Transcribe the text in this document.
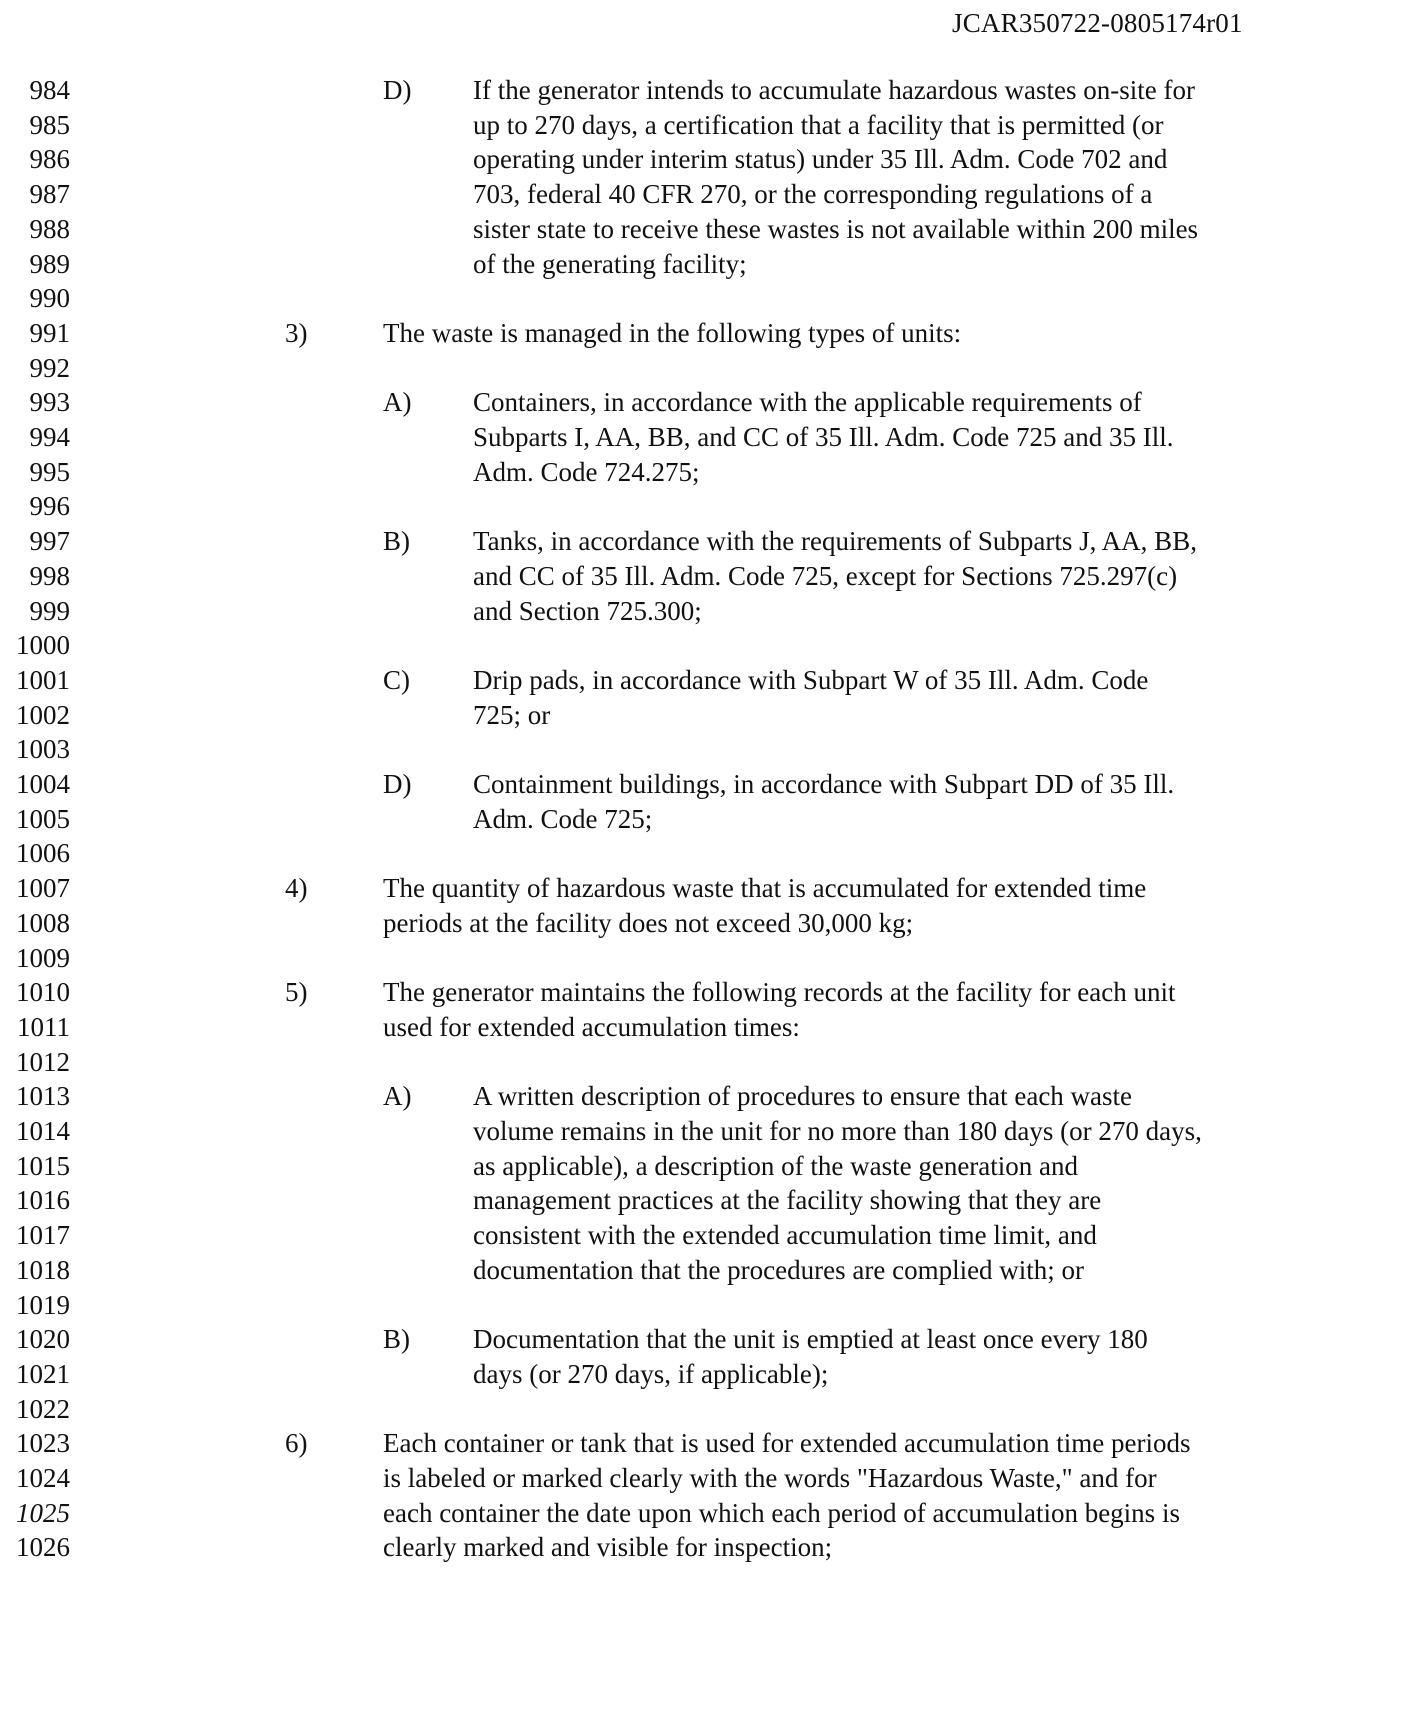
JCAR350722-0805174r01
984	D) If the generator intends to accumulate hazardous wastes on-site for
985	up to 270 days, a certification that a facility that is permitted (or
986	operating under interim status) under 35 Ill. Adm. Code 702 and
987	703, federal 40 CFR 270, or the corresponding regulations of a
988	sister state to receive these wastes is not available within 200 miles
989	of the generating facility;
990
991	3)	The waste is managed in the following types of units:
992
993	A) Containers, in accordance with the applicable requirements of
994	Subparts I, AA, BB, and CC of 35 Ill. Adm. Code 725 and 35 Ill.
995	Adm. Code 724.275;
996
997	B) Tanks, in accordance with the requirements of Subparts J, AA, BB,
998	and CC of 35 Ill. Adm. Code 725, except for Sections 725.297(c)
999	and Section 725.300;
1000
1001	C) Drip pads, in accordance with Subpart W of 35 Ill. Adm. Code
1002	725; or
1003
1004	D) Containment buildings, in accordance with Subpart DD of 35 Ill.
1005	Adm. Code 725;
1006
1007	4)	The quantity of hazardous waste that is accumulated for extended time
1008	periods at the facility does not exceed 30,000 kg;
1009
1010	5)	The generator maintains the following records at the facility for each unit
1011	used for extended accumulation times:
1012
1013	A) A written description of procedures to ensure that each waste
1014	volume remains in the unit for no more than 180 days (or 270 days,
1015	as applicable), a description of the waste generation and
1016	management practices at the facility showing that they are
1017	consistent with the extended accumulation time limit, and
1018	documentation that the procedures are complied with; or
1019
1020	B) Documentation that the unit is emptied at least once every 180
1021	days (or 270 days, if applicable);
1022
1023	6)	Each container or tank that is used for extended accumulation time periods
1024	is labeled or marked clearly with the words "Hazardous Waste," and for
1025	each container the date upon which each period of accumulation begins is
1026	clearly marked and visible for inspection;
